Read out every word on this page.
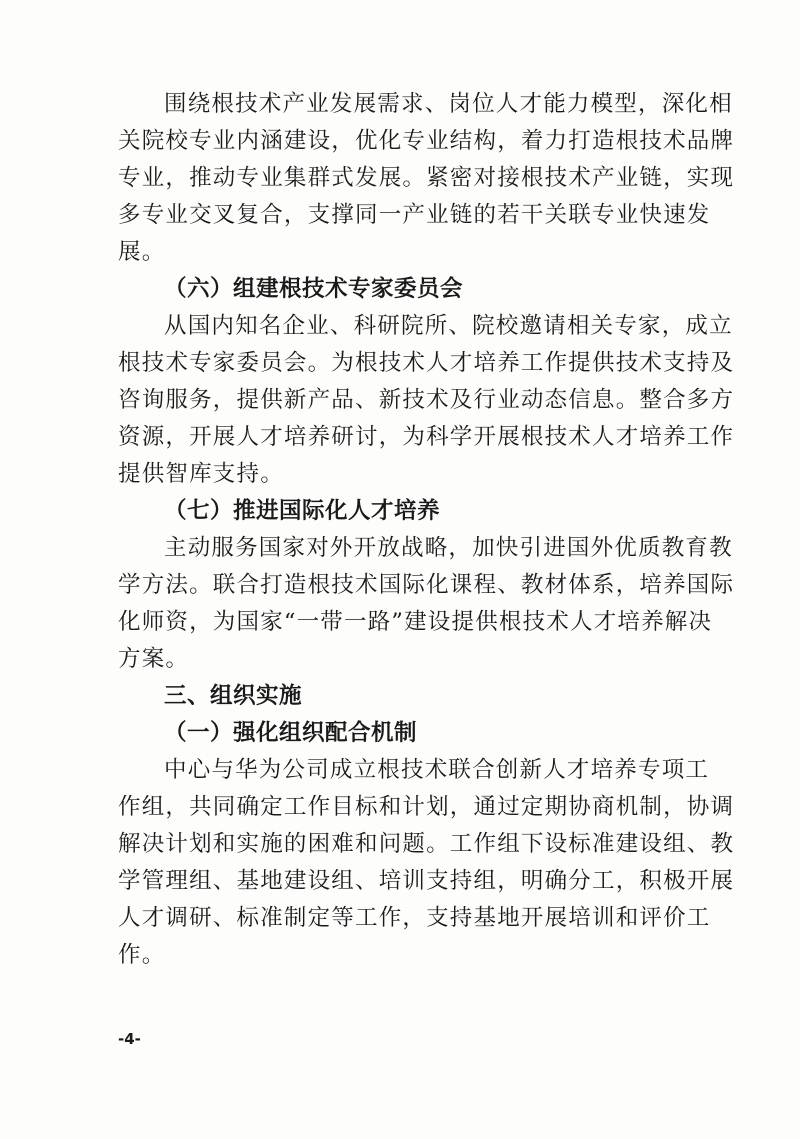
围绕根技术产业发展需求、岗位人才能力模型，深化相
关院校专业内涵建设，优化专业结构，着力打造根技术品牌
专业，推动专业集群式发展。紧密对接根技术产业链，实现
多专业交叉复合，支撑同一产业链的若干关联专业快速发
展。
（六）组建根技术专家委员会
从国内知名企业、科研院所、院校邀请相关专家，成立
根技术专家委员会。为根技术人才培养工作提供技术支持及
咨询服务，提供新产品、新技术及行业动态信息。整合多方
资源，开展人才培养研讨，为科学开展根技术人才培养工作
提供智库支持。
（七）推进国际化人才培养
主动服务国家对外开放战略，加快引进国外优质教育教
学方法。联合打造根技术国际化课程、教材体系，培养国际
化师资，为国家“一带一路”建设提供根技术人才培养解决
方案。
三、组织实施
（一）强化组织配合机制
中心与华为公司成立根技术联合创新人才培养专项工
作组，共同确定工作目标和计划，通过定期协商机制，协调
解决计划和实施的困难和问题。工作组下设标准建设组、教
学管理组、基地建设组、培训支持组，明确分工，积极开展
人才调研、标准制定等工作，支持基地开展培训和评价工
作。
-4-
